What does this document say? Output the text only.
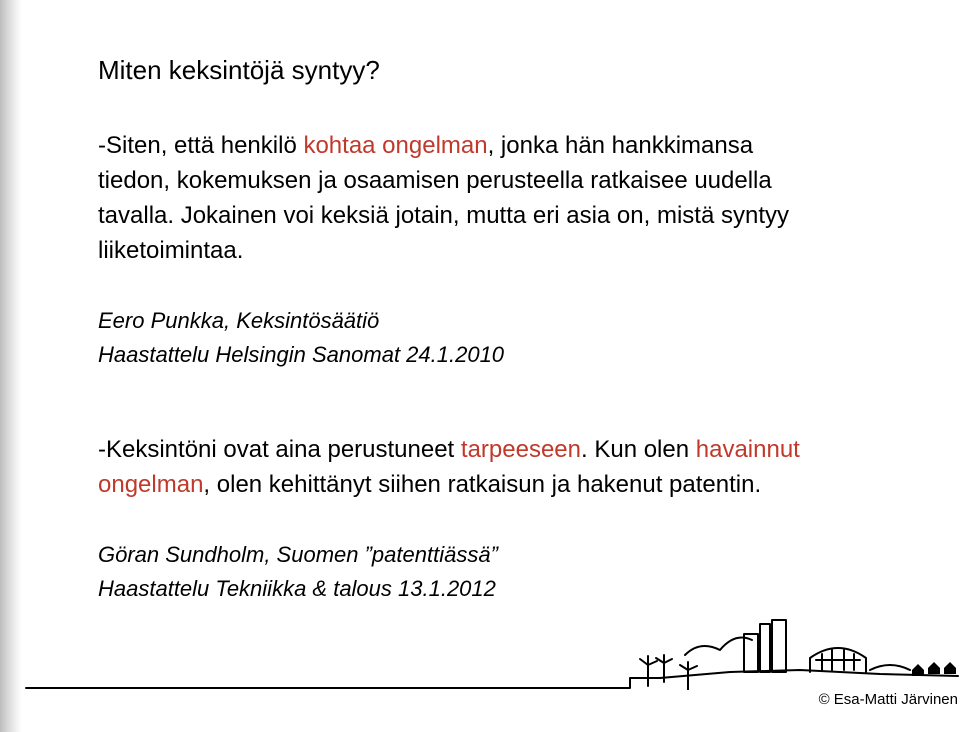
Miten keksintöjä syntyy?
-Siten, että henkilö kohtaa ongelman, jonka hän hankkimansa
tiedon, kokemuksen ja osaamisen perusteella ratkaisee uudella
tavalla. Jokainen voi keksiä jotain, mutta eri asia on, mistä syntyy
liiketoimintaa.
Eero Punkka, Keksintösäätiö
Haastattelu Helsingin Sanomat 24.1.2010
-Keksintöni ovat aina perustuneet tarpeeseen. Kun olen havainnut
ongelman, olen kehittänyt siihen ratkaisun ja hakenut patentin.
Göran Sundholm, Suomen ”patenttiässä”
Haastattelu Tekniikka & talous 13.1.2012
© Esa-Matti Järvinen
